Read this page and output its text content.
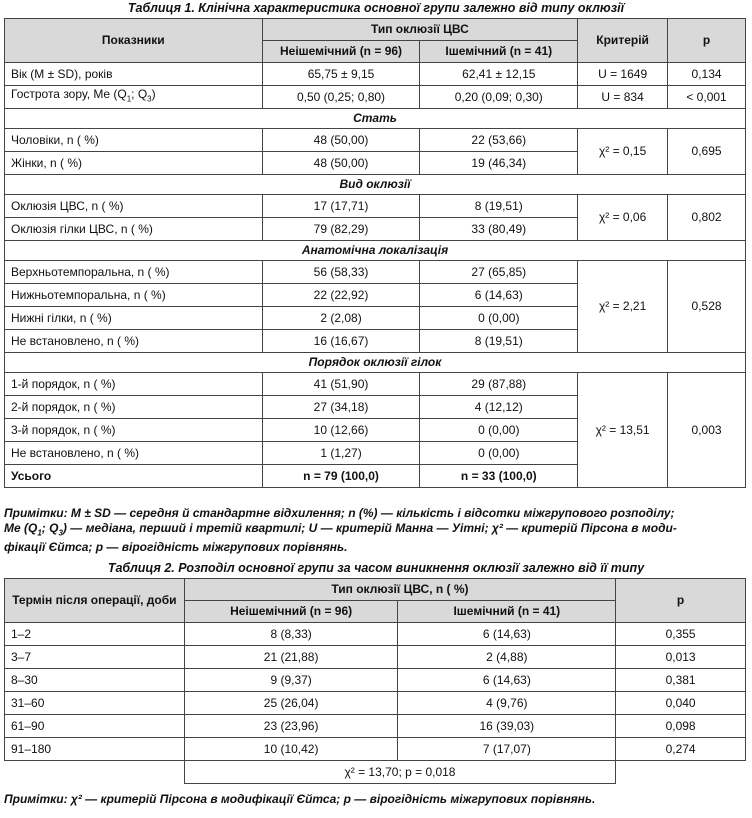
Таблиця 1. Клінічна характеристика основної групи залежно від типу оклюзії
Показники	Тип оклюзії ЦВС		Критерій	p
	Неішемічний (n = 96)	Ішемічний (n = 41)		
Вік (M ± SD), років	65,75 ± 9,15	62,41 ± 12,15	U = 1649	0,134
Гострота зору, Me ($Q_1$; $Q_3$)	0,50 (0,25; 0,80)	0,20 (0,09; 0,30)	U = 834	< 0,001
Стать				
Чоловіки, n ( %)	48 (50,00)	22 (53,66)	χ² = 0,15	0,695
Жінки, n ( %)	48 (50,00)	19 (46,34)		
Вид оклюзії				
Оклюзія ЦВС, n ( %)	17 (17,71)	8 (19,51)	χ² = 0,06	0,802
Оклюзія гілки ЦВС, n ( %)	79 (82,29)	33 (80,49)		
Анатомічна локалізація				
Верхньотемпоральна, n ( %)	56 (58,33)	27 (65,85)	χ² = 2,21	0,528
Нижньотемпоральна, n ( %)	22 (22,92)	6 (14,63)		
Нижні гілки, n ( %)	2 (2,08)	0 (0,00)		
Не встановлено, n ( %)	16 (16,67)	8 (19,51)		
Порядок оклюзії гілок				
1-й порядок, n ( %)	41 (51,90)	29 (87,88)	χ² = 13,51	0,003
2-й порядок, n ( %)	27 (34,18)	4 (12,12)		
3-й порядок, n ( %)	10 (12,66)	0 (0,00)		
Не встановлено, n ( %)	1 (1,27)	0 (0,00)		
Усього	n = 79 (100,0)	n = 33 (100,0)		
Примітки: M ± SD — середня й стандартне відхилення; n (%) — кількість і відсотки міжгрупового розподілу;
Me ($Q_1$; $Q_3$) — медіана, перший і третій квартилі; U — критерій Манна — Уітні; χ² — критерій Пірсона в моди-
фікації Єйтса; p — вірогідність міжгрупових порівнянь.
Таблиця 2. Розподіл основної групи за часом виникнення оклюзії залежно від її типу
Термін після операції, доби	Тип оклюзії ЦВС, n ( %)		p
	Неішемічний (n = 96)	Ішемічний (n = 41)	
1–2	8 (8,33)	6 (14,63)	0,355
3–7	21 (21,88)	2 (4,88)	0,013
8–30	9 (9,37)	6 (14,63)	0,381
31–60	25 (26,04)	4 (9,76)	0,040
61–90	23 (23,96)	16 (39,03)	0,098
91–180	10 (10,42)	7 (17,07)	0,274
	χ² = 13,70; p = 0,018		
Примітки: χ² — критерій Пірсона в модифікації Єйтса; p — вірогідність міжгрупових порівнянь.
